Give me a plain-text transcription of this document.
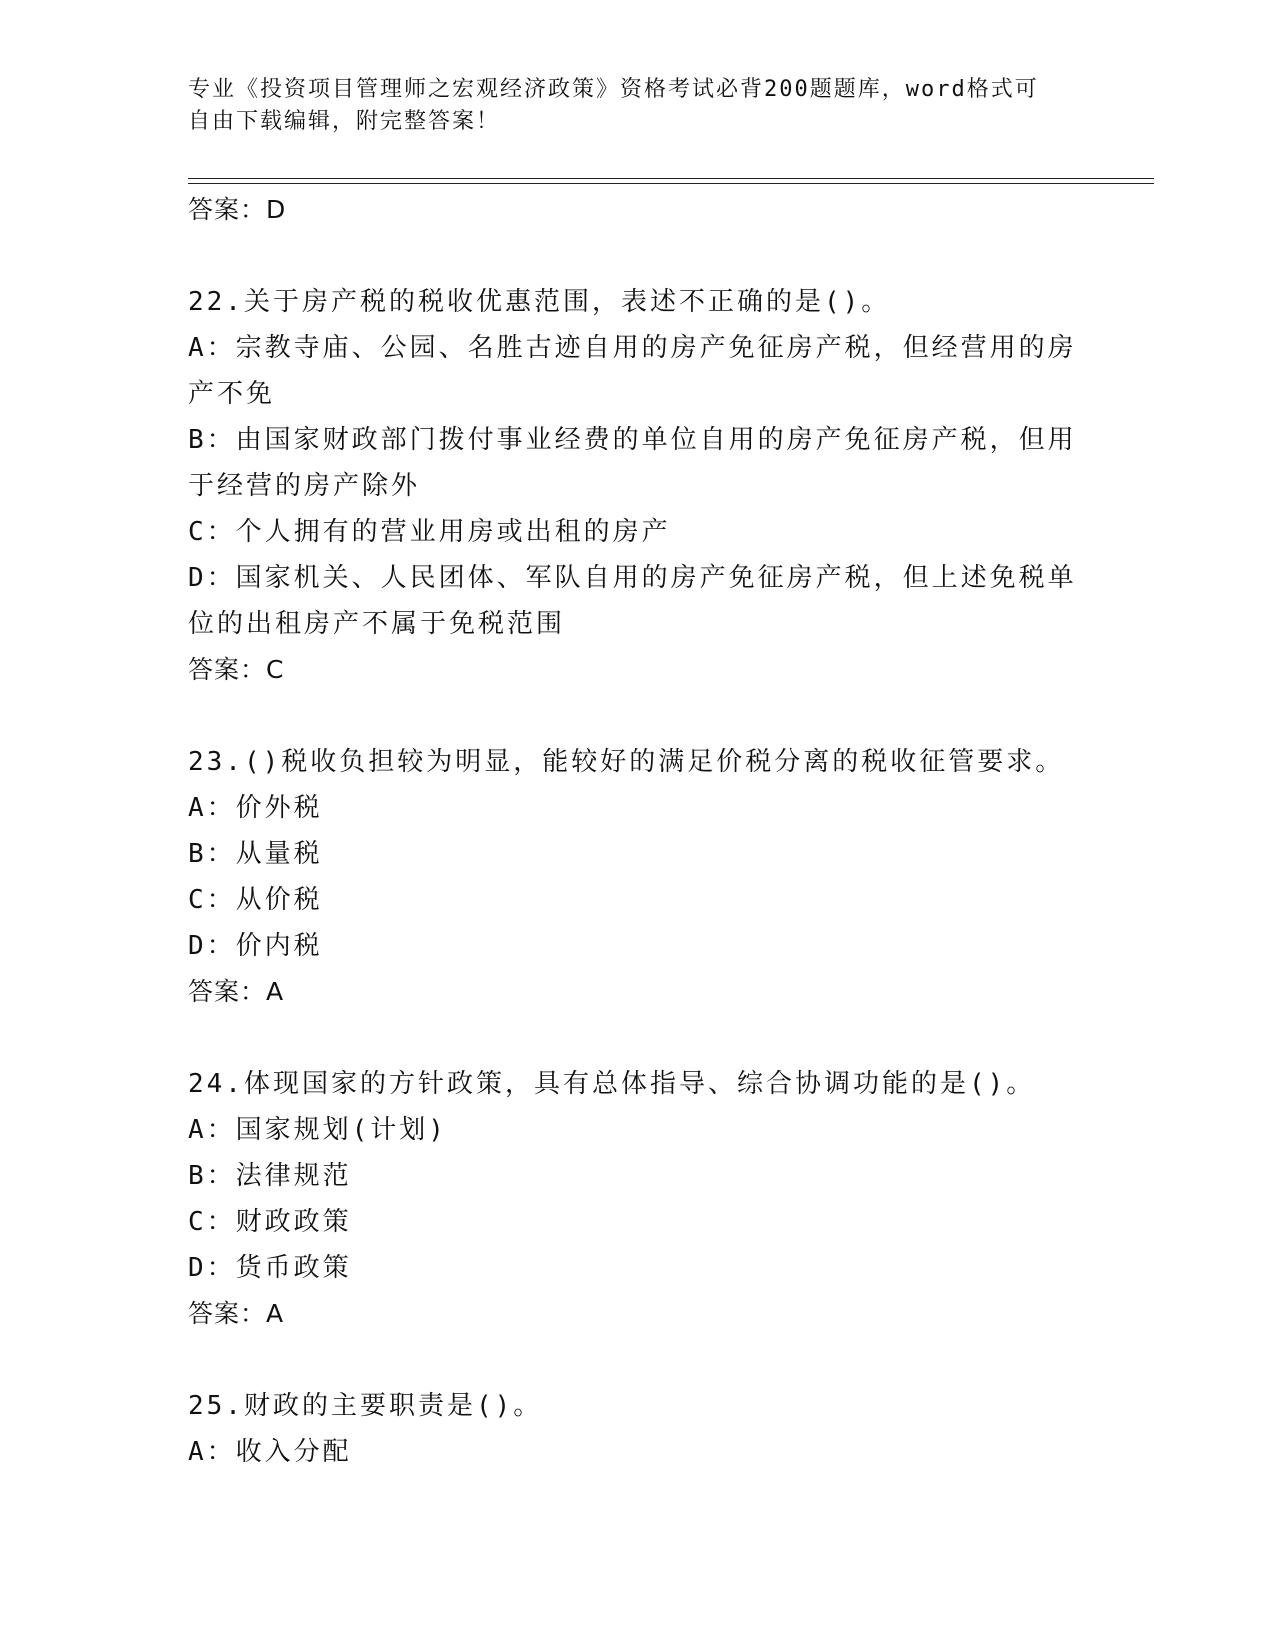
专业《投资项目管理师之宏观经济政策》资格考试必背200题题库，word格式可
自由下载编辑，附完整答案！
答案：D
22.关于房产税的税收优惠范围，表述不正确的是()。
A：宗教寺庙、公园、名胜古迹自用的房产免征房产税，但经营用的房
产不免
B：由国家财政部门拨付事业经费的单位自用的房产免征房产税，但用
于经营的房产除外
C：个人拥有的营业用房或出租的房产
D：国家机关、人民团体、军队自用的房产免征房产税，但上述免税单
位的出租房产不属于免税范围
答案：C
23.()税收负担较为明显，能较好的满足价税分离的税收征管要求。
A：价外税
B：从量税
C：从价税
D：价内税
答案：A
24.体现国家的方针政策，具有总体指导、综合协调功能的是()。
A：国家规划(计划)
B：法律规范
C：财政政策
D：货币政策
答案：A
25.财政的主要职责是()。
A：收入分配
